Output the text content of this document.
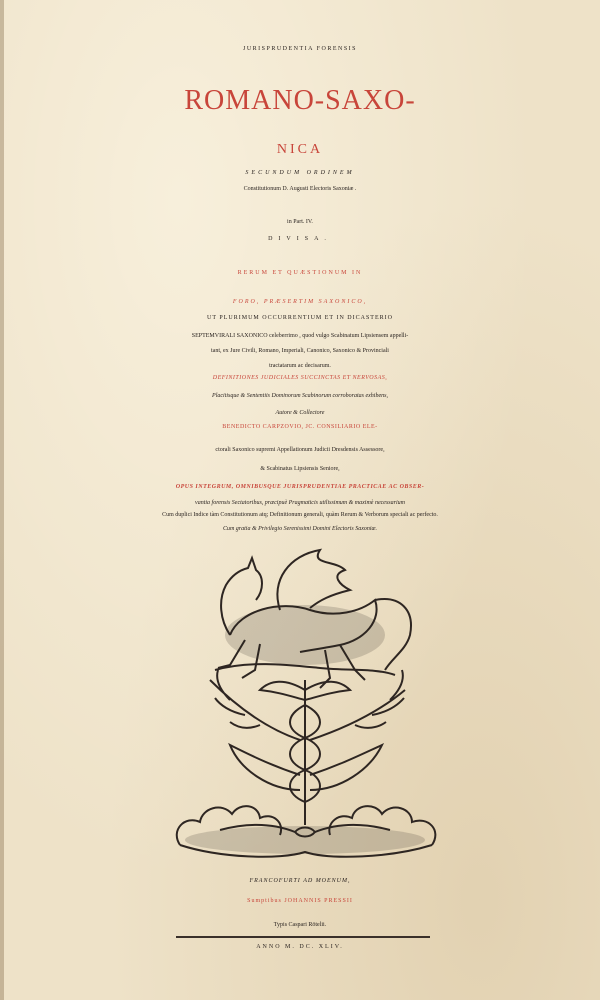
JURISPRUDENTIA FORENSIS
ROMANO-SAXO-
NICA
SECUNDUM ORDINEM
Constitutionum D. Augusti Electoris Saxoniæ .
in Part. IV.
DIVISA.
RERUM ET QUÆSTIONUM IN
FORO, PRÆSERTIM SAXONICO,
UT PLURIMUM OCCURRENTIUM ET IN DICASTERIO
SEPTEMVIRALI SAXONICO celeberrimo , quod vulgo Scabinatum Lipsiensem appelli-
tant, ex Jure Civili, Romano, Imperiali, Canonico, Saxonico & Provinciali
tractatarum ac decisarum.
DEFINITIONES JUDICIALES SUCCINCTAS ET NERVOSAS,
Placitisque & Sententiis Dominorum Scabinorum corroboratas exhibens,
Autore & Collectore
BENEDICTO CARPZOVIO, JC. CONSILIARIO ELE-
ctorali Saxonico supremi Appellationum Judicii Dresdensis Assessore,
& Scabinatus Lipsiensis Seniore,
OPUS INTEGRUM, OMNIBUSQUE JURISPRUDENTIAE PRACTICAE AC OBSER-
vantia forensis Sectatoribus, præcipuè Pragmaticis utilissimum & maximè necessarium
Cum duplici Indice tàm Constitutionum atq; Definitionum generali, quàm Rerum & Verborum speciali ac perfecto.
Cum gratia & Privilegio Serenissimi Domini Electoris Saxoniæ.
FRANCOFURTI AD MOENUM,
Sumptibus JOHANNIS PRESSII
Typis Caspari Rötelii.
ANNO M. DC. XLIV.
